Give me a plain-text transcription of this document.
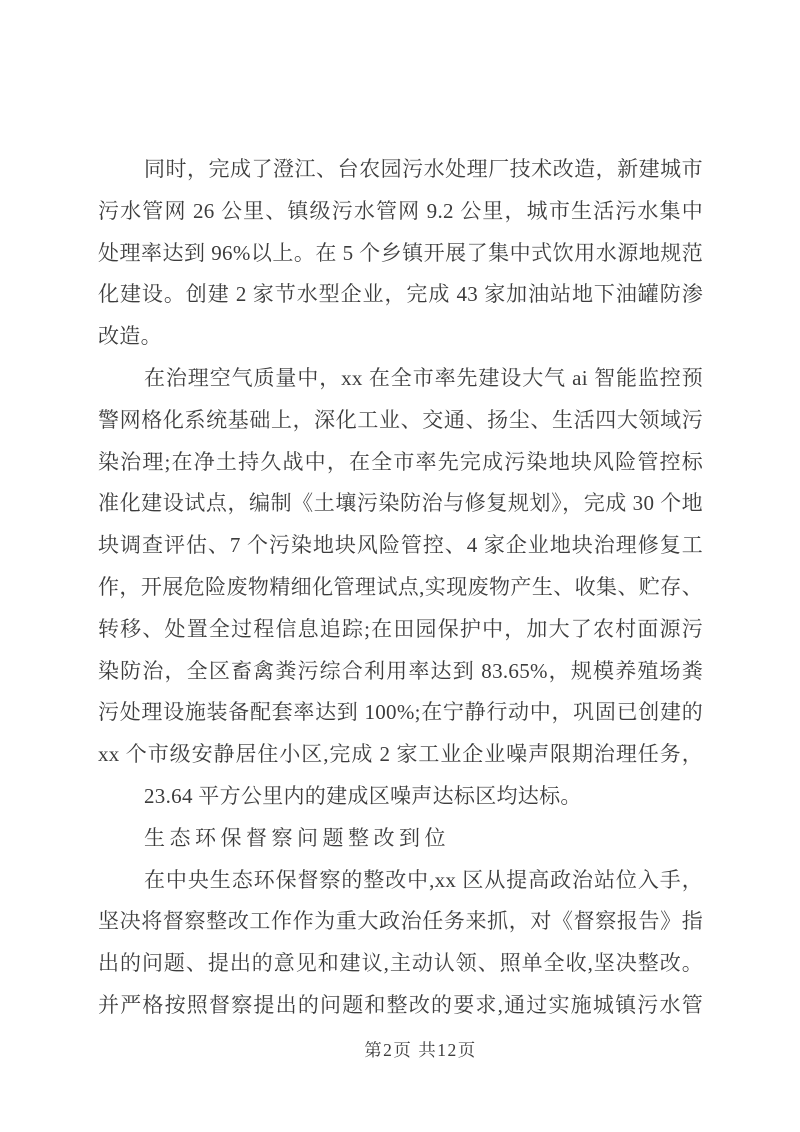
同时，完成了澄江、台农园污水处理厂技术改造，新建城市
污水管网 26 公里、镇级污水管网 9.2 公里，城市生活污水集中
处理率达到 96%以上。在 5 个乡镇开展了集中式饮用水源地规范
化建设。创建 2 家节水型企业，完成 43 家加油站地下油罐防渗
改造。
在治理空气质量中，xx 在全市率先建设大气 ai 智能监控预
警网格化系统基础上，深化工业、交通、扬尘、生活四大领域污
染治理;在净土持久战中，在全市率先完成污染地块风险管控标
准化建设试点，编制《土壤污染防治与修复规划》，完成 30 个地
块调查评估、7 个污染地块风险管控、4 家企业地块治理修复工
作，开展危险废物精细化管理试点,实现废物产生、收集、贮存、
转移、处置全过程信息追踪;在田园保护中，加大了农村面源污
染防治，全区畜禽粪污综合利用率达到 83.65%，规模养殖场粪
污处理设施装备配套率达到 100%;在宁静行动中，巩固已创建的
xx 个市级安静居住小区,完成 2 家工业企业噪声限期治理任务，
23.64 平方公里内的建成区噪声达标区均达标。
生态环保督察问题整改到位
在中央生态环保督察的整改中,xx 区从提高政治站位入手，
坚决将督察整改工作作为重大政治任务来抓，对《督察报告》指
出的问题、提出的意见和建议,主动认领、照单全收,坚决整改。
并严格按照督察提出的问题和整改的要求,通过实施城镇污水管
第2页 共12页
